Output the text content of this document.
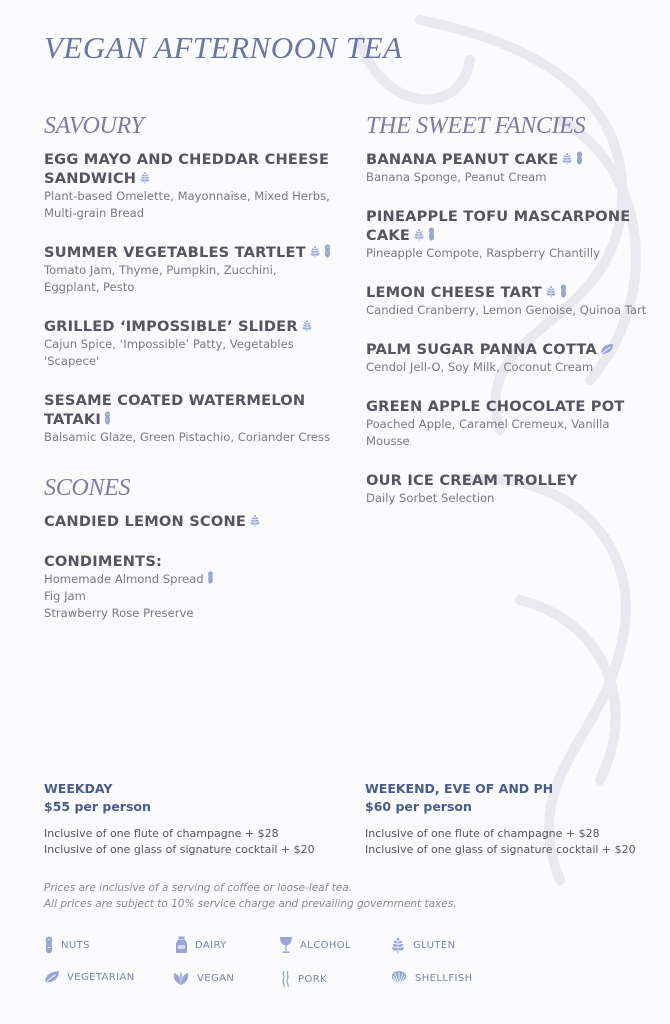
VEGAN AFTERNOON TEA
SAVOURY
EGG MAYO AND CHEDDAR CHEESE SANDWICH
Plant-based Omelette, Mayonnaise, Mixed Herbs, Multi-grain Bread
SUMMER VEGETABLES TARTLET
Tomato Jam, Thyme, Pumpkin, Zucchini, Eggplant, Pesto
GRILLED ‘IMPOSSIBLE’ SLIDER
Cajun Spice, ‘Impossible’ Patty, Vegetables 'Scapece'
SESAME COATED WATERMELON TATAKI
Balsamic Glaze, Green Pistachio, Coriander Cress
SCONES
CANDIED LEMON SCONE
CONDIMENTS:
Homemade Almond Spread
Fig Jam
Strawberry Rose Preserve
THE SWEET FANCIES
BANANA PEANUT CAKE
Banana Sponge, Peanut Cream
PINEAPPLE TOFU MASCARPONE CAKE
Pineapple Compote, Raspberry Chantilly
LEMON CHEESE TART
Candied Cranberry, Lemon Genoise, Quinoa Tart
PALM SUGAR PANNA COTTA
Cendol Jell-O, Soy Milk, Coconut Cream
GREEN APPLE CHOCOLATE POT
Poached Apple, Caramel Cremeux, Vanilla Mousse
OUR ICE CREAM TROLLEY
Daily Sorbet Selection
WEEKDAY
$55 per person
Inclusive of one flute of champagne + $28
Inclusive of one glass of signature cocktail + $20
WEEKEND, EVE OF AND PH
$60 per person
Inclusive of one flute of champagne + $28
Inclusive of one glass of signature cocktail + $20
Prices are inclusive of a serving of coffee or loose-leaf tea.
All prices are subject to 10% service charge and prevailing government taxes.
NUTS	DAIRY	ALCOHOL	GLUTEN
VEGETARIAN	VEGAN	PORK	SHELLFISH
